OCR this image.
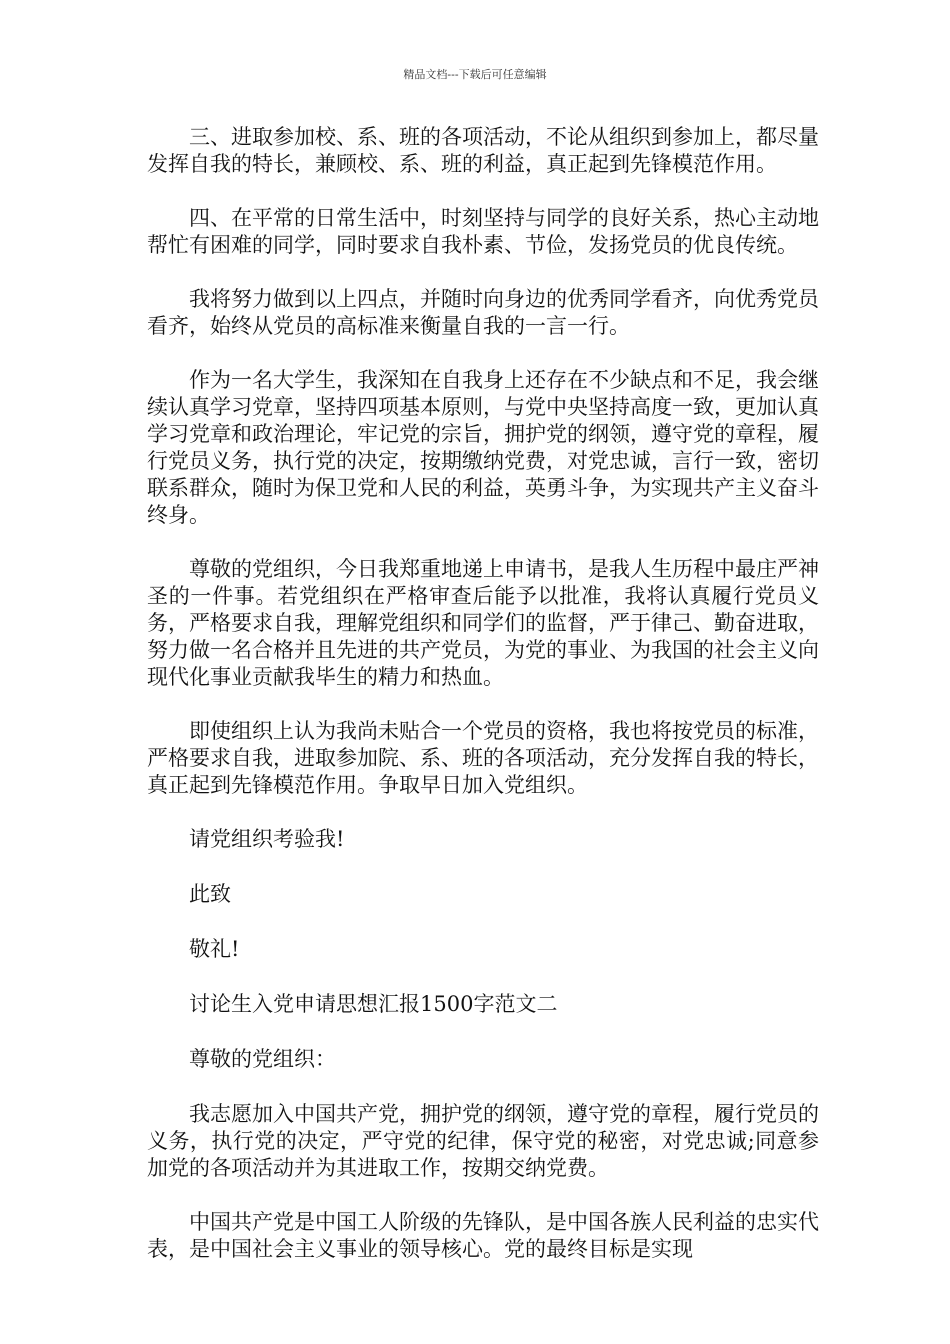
精品文档---下载后可任意编辑

三、进取参加校、系、班的各项活动，不论从组织到参加上，都尽量发挥自我的特长，兼顾校、系、班的利益，真正起到先锋模范作用。

四、在平常的日常生活中，时刻坚持与同学的良好关系，热心主动地帮忙有困难的同学，同时要求自我朴素、节俭，发扬党员的优良传统。

我将努力做到以上四点，并随时向身边的优秀同学看齐，向优秀党员看齐，始终从党员的高标准来衡量自我的一言一行。

作为一名大学生，我深知在自我身上还存在不少缺点和不足，我会继续认真学习党章，坚持四项基本原则，与党中央坚持高度一致，更加认真学习党章和政治理论，牢记党的宗旨，拥护党的纲领，遵守党的章程，履行党员义务，执行党的决定，按期缴纳党费，对党忠诚，言行一致，密切联系群众，随时为保卫党和人民的利益，英勇斗争，为实现共产主义奋斗终身。

尊敬的党组织，今日我郑重地递上申请书，是我人生历程中最庄严神圣的一件事。若党组织在严格审查后能予以批准，我将认真履行党员义务，严格要求自我，理解党组织和同学们的监督，严于律己、勤奋进取，努力做一名合格并且先进的共产党员，为党的事业、为我国的社会主义向现代化事业贡献我毕生的精力和热血。

即使组织上认为我尚未贴合一个党员的资格，我也将按党员的标准，严格要求自我，进取参加院、系、班的各项活动，充分发挥自我的特长，真正起到先锋模范作用。争取早日加入党组织。

请党组织考验我!

此致

敬礼!

讨论生入党申请思想汇报1500字范文二

尊敬的党组织：

我志愿加入中国共产党，拥护党的纲领，遵守党的章程，履行党员的义务，执行党的决定，严守党的纪律，保守党的秘密，对党忠诚;同意参加党的各项活动并为其进取工作，按期交纳党费。

中国共产党是中国工人阶级的先锋队，是中国各族人民利益的忠实代表，是中国社会主义事业的领导核心。党的最终目标是实现
